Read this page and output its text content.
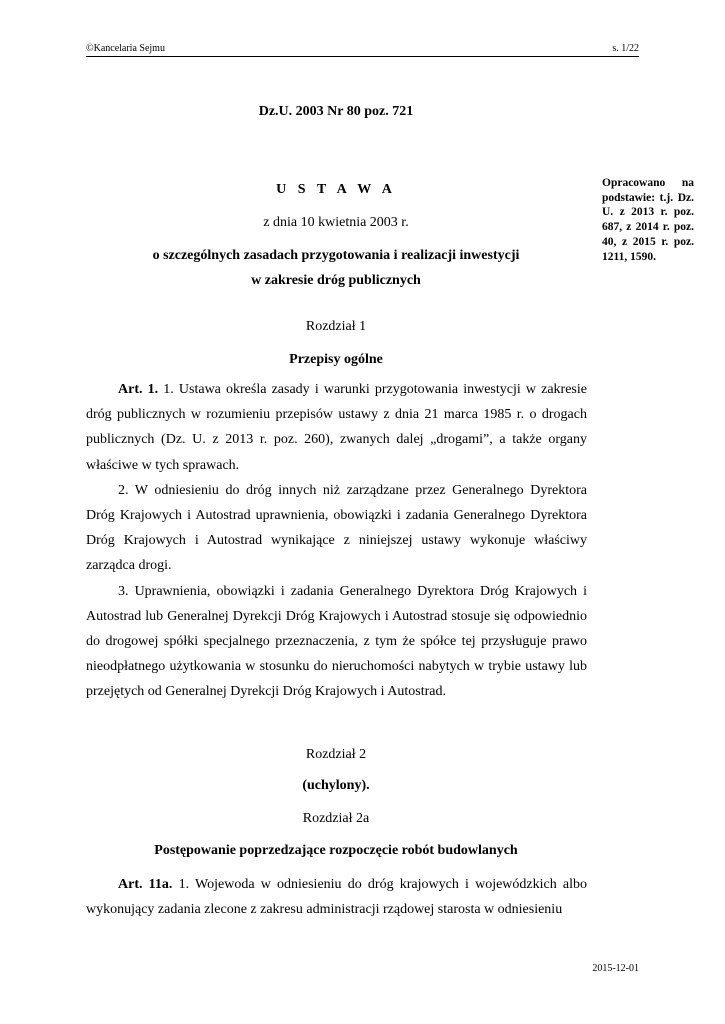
©Kancelaria Sejmu	s. 1/22
Dz.U. 2003 Nr 80 poz. 721
Opracowano na podstawie: t.j. Dz. U. z 2013 r. poz. 687, z 2014 r. poz. 40, z 2015 r. poz. 1211, 1590.
U S T A W A
z dnia 10 kwietnia 2003 r.
o szczególnych zasadach przygotowania i realizacji inwestycji
w zakresie dróg publicznych
Rozdział 1
Przepisy ogólne

Art. 1. 1. Ustawa określa zasady i warunki przygotowania inwestycji w zakresie dróg publicznych w rozumieniu przepisów ustawy z dnia 21 marca 1985 r. o drogach publicznych (Dz. U. z 2013 r. poz. 260), zwanych dalej „drogami”, a także organy właściwe w tych sprawach.

2. W odniesieniu do dróg innych niż zarządzane przez Generalnego Dyrektora Dróg Krajowych i Autostrad uprawnienia, obowiązki i zadania Generalnego Dyrektora Dróg Krajowych i Autostrad wynikające z niniejszej ustawy wykonuje właściwy zarządca drogi.

3. Uprawnienia, obowiązki i zadania Generalnego Dyrektora Dróg Krajowych i Autostrad lub Generalnej Dyrekcji Dróg Krajowych i Autostrad stosuje się odpowiednio do drogowej spółki specjalnego przeznaczenia, z tym że spółce tej przysługuje prawo nieodpłatnego użytkowania w stosunku do nieruchomości nabytych w trybie ustawy lub przejętych od Generalnej Dyrekcji Dróg Krajowych i Autostrad.

Rozdział 2
(uchylony).
Rozdział 2a
Postępowanie poprzedzające rozpoczęcie robót budowlanych

Art. 11a. 1. Wojewoda w odniesieniu do dróg krajowych i wojewódzkich albo wykonujący zadania zlecone z zakresu administracji rządowej starosta w odniesieniu

2015-12-01
